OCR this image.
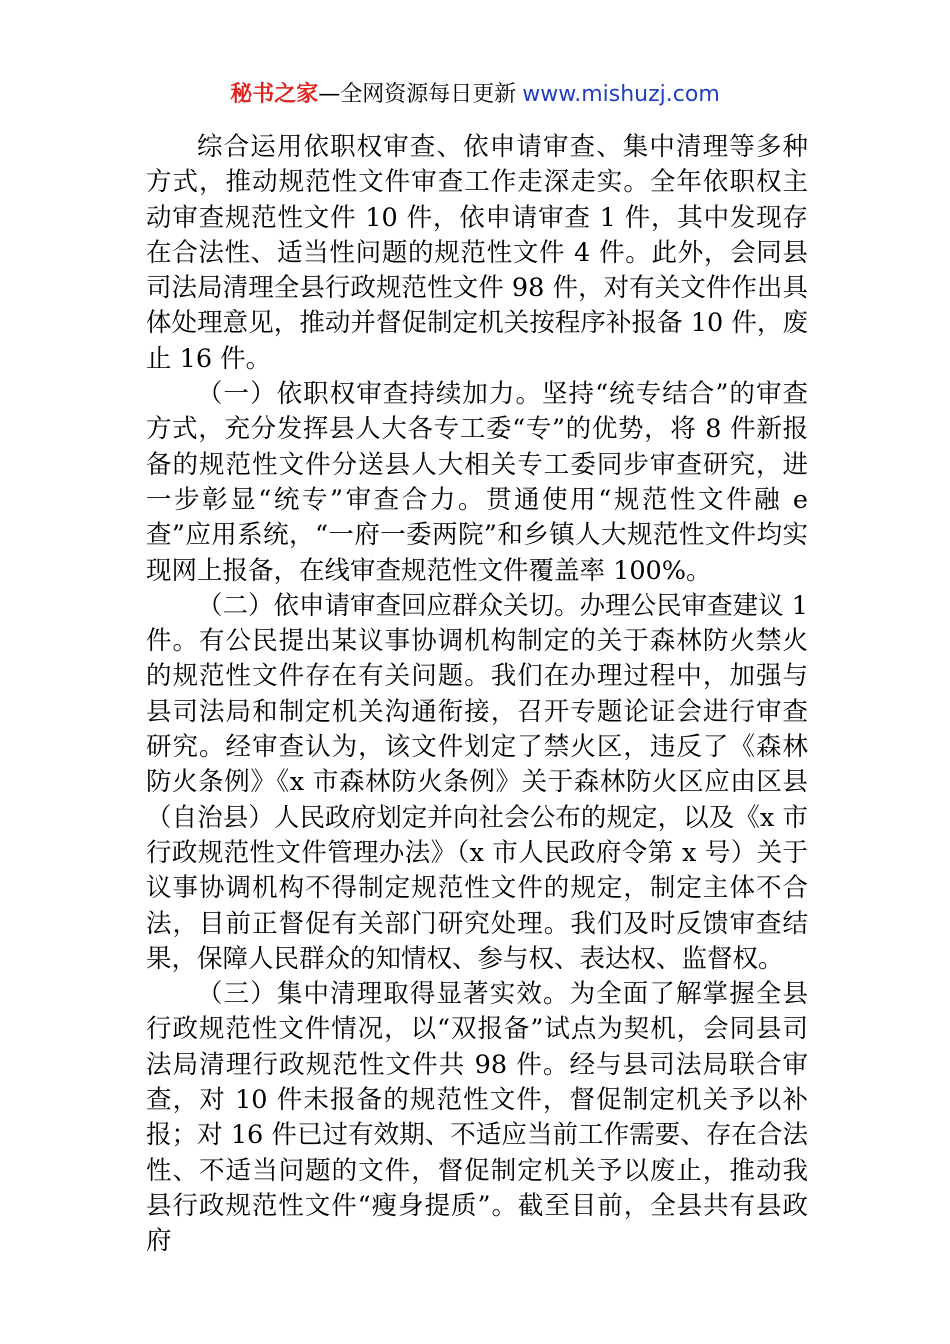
秘书之家—全网资源每日更新 www.mishuzj.com

综合运用依职权审查、依申请审查、集中清理等多种方式，推动规范性文件审查工作走深走实。全年依职权主动审查规范性文件 10 件，依申请审查 1 件，其中发现存在合法性、适当性问题的规范性文件 4 件。此外，会同县司法局清理全县行政规范性文件 98 件，对有关文件作出具体处理意见，推动并督促制定机关按程序补报备 10 件，废止 16 件。

（一）依职权审查持续加力。坚持“统专结合”的审查方式，充分发挥县人大各专工委“专”的优势，将 8 件新报备的规范性文件分送县人大相关专工委同步审查研究，进一步彰显“统专”审查合力。贯通使用“规范性文件融 e 查”应用系统，“一府一委两院”和乡镇人大规范性文件均实现网上报备，在线审查规范性文件覆盖率 100%。

（二）依申请审查回应群众关切。办理公民审查建议 1 件。有公民提出某议事协调机构制定的关于森林防火禁火的规范性文件存在有关问题。我们在办理过程中，加强与县司法局和制定机关沟通衔接，召开专题论证会进行审查研究。经审查认为，该文件划定了禁火区，违反了《森林防火条例》《x 市森林防火条例》关于森林防火区应由区县（自治县）人民政府划定并向社会公布的规定，以及《x 市行政规范性文件管理办法》（x 市人民政府令第 x 号）关于议事协调机构不得制定规范性文件的规定，制定主体不合法，目前正督促有关部门研究处理。我们及时反馈审查结果，保障人民群众的知情权、参与权、表达权、监督权。

（三）集中清理取得显著实效。为全面了解掌握全县行政规范性文件情况，以“双报备”试点为契机，会同县司法局清理行政规范性文件共 98 件。经与县司法局联合审查，对 10 件未报备的规范性文件，督促制定机关予以补报；对 16 件已过有效期、不适应当前工作需要、存在合法性、不适当问题的文件，督促制定机关予以废止，推动我县行政规范性文件“瘦身提质”。截至目前，全县共有县政府
